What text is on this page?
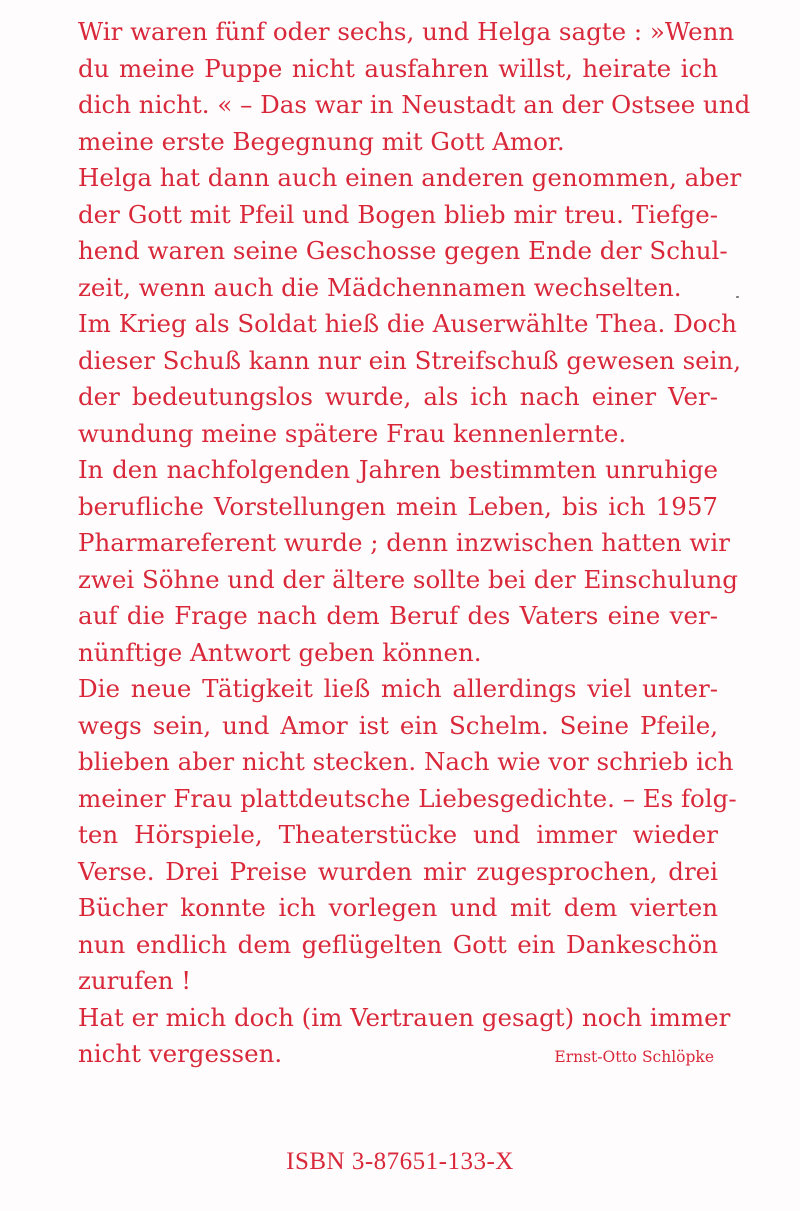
Wir waren fünf oder sechs, und Helga sagte : »Wenn
du meine Puppe nicht ausfahren willst, heirate ich
dich nicht. « – Das war in Neustadt an der Ostsee und
meine erste Begegnung mit Gott Amor.
Helga hat dann auch einen anderen genommen, aber
der Gott mit Pfeil und Bogen blieb mir treu. Tiefge-
hend waren seine Geschosse gegen Ende der Schul-
zeit, wenn auch die Mädchennamen wechselten.
Im Krieg als Soldat hieß die Auserwählte Thea. Doch
dieser Schuß kann nur ein Streifschuß gewesen sein,
der bedeutungslos wurde, als ich nach einer Ver-
wundung meine spätere Frau kennenlernte.
In den nachfolgenden Jahren bestimmten unruhige
berufliche Vorstellungen mein Leben, bis ich 1957
Pharmareferent wurde ; denn inzwischen hatten wir
zwei Söhne und der ältere sollte bei der Einschulung
auf die Frage nach dem Beruf des Vaters eine ver-
nünftige Antwort geben können.
Die neue Tätigkeit ließ mich allerdings viel unter-
wegs sein, und Amor ist ein Schelm. Seine Pfeile,
blieben aber nicht stecken. Nach wie vor schrieb ich
meiner Frau plattdeutsche Liebesgedichte. – Es folg-
ten Hörspiele, Theaterstücke und immer wieder
Verse. Drei Preise wurden mir zugesprochen, drei
Bücher konnte ich vorlegen und mit dem vierten
nun endlich dem geflügelten Gott ein Dankeschön
zurufen !
Hat er mich doch (im Vertrauen gesagt) noch immer
nicht vergessen.	Ernst-Otto Schlöpke
ISBN 3-87651-133-X
